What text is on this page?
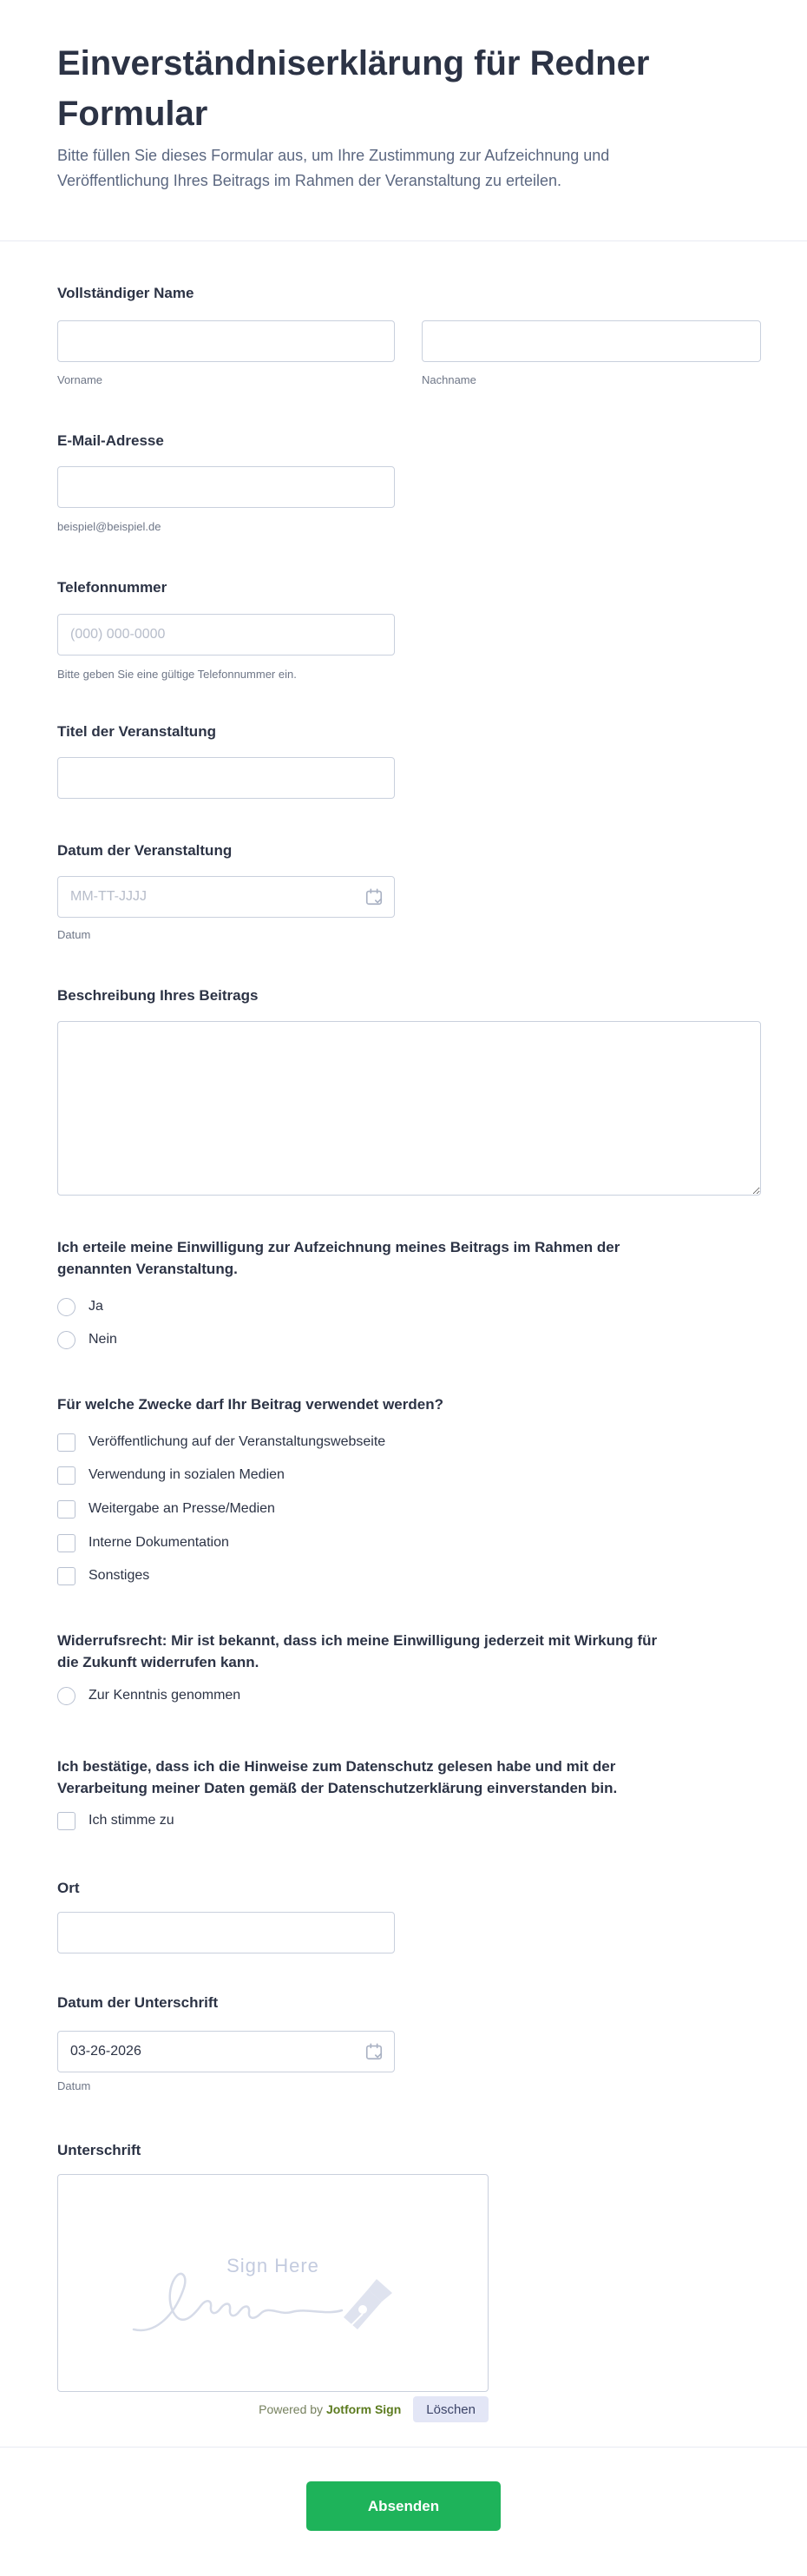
Einverständniserklärung für Redner
Formular
Bitte füllen Sie dieses Formular aus, um Ihre Zustimmung zur Aufzeichnung und
Veröffentlichung Ihres Beitrags im Rahmen der Veranstaltung zu erteilen.
Vollständiger Name
Vorname	Nachname
E-Mail-Adresse
beispiel@beispiel.de
Telefonnummer
(000) 000-0000
Bitte geben Sie eine gültige Telefonnummer ein.
Titel der Veranstaltung
Datum der Veranstaltung
MM-TT-JJJJ
Datum
Beschreibung Ihres Beitrags
Ich erteile meine Einwilligung zur Aufzeichnung meines Beitrags im Rahmen der
genannten Veranstaltung.
Ja
Nein
Für welche Zwecke darf Ihr Beitrag verwendet werden?
Veröffentlichung auf der Veranstaltungswebseite
Verwendung in sozialen Medien
Weitergabe an Presse/Medien
Interne Dokumentation
Sonstiges
Widerrufsrecht: Mir ist bekannt, dass ich meine Einwilligung jederzeit mit Wirkung für
die Zukunft widerrufen kann.
Zur Kenntnis genommen
Ich bestätige, dass ich die Hinweise zum Datenschutz gelesen habe und mit der
Verarbeitung meiner Daten gemäß der Datenschutzerklärung einverstanden bin.
Ich stimme zu
Ort
Datum der Unterschrift
03-26-2026
Datum
Unterschrift
Sign Here
Powered by Jotform Sign	Löschen
Absenden
